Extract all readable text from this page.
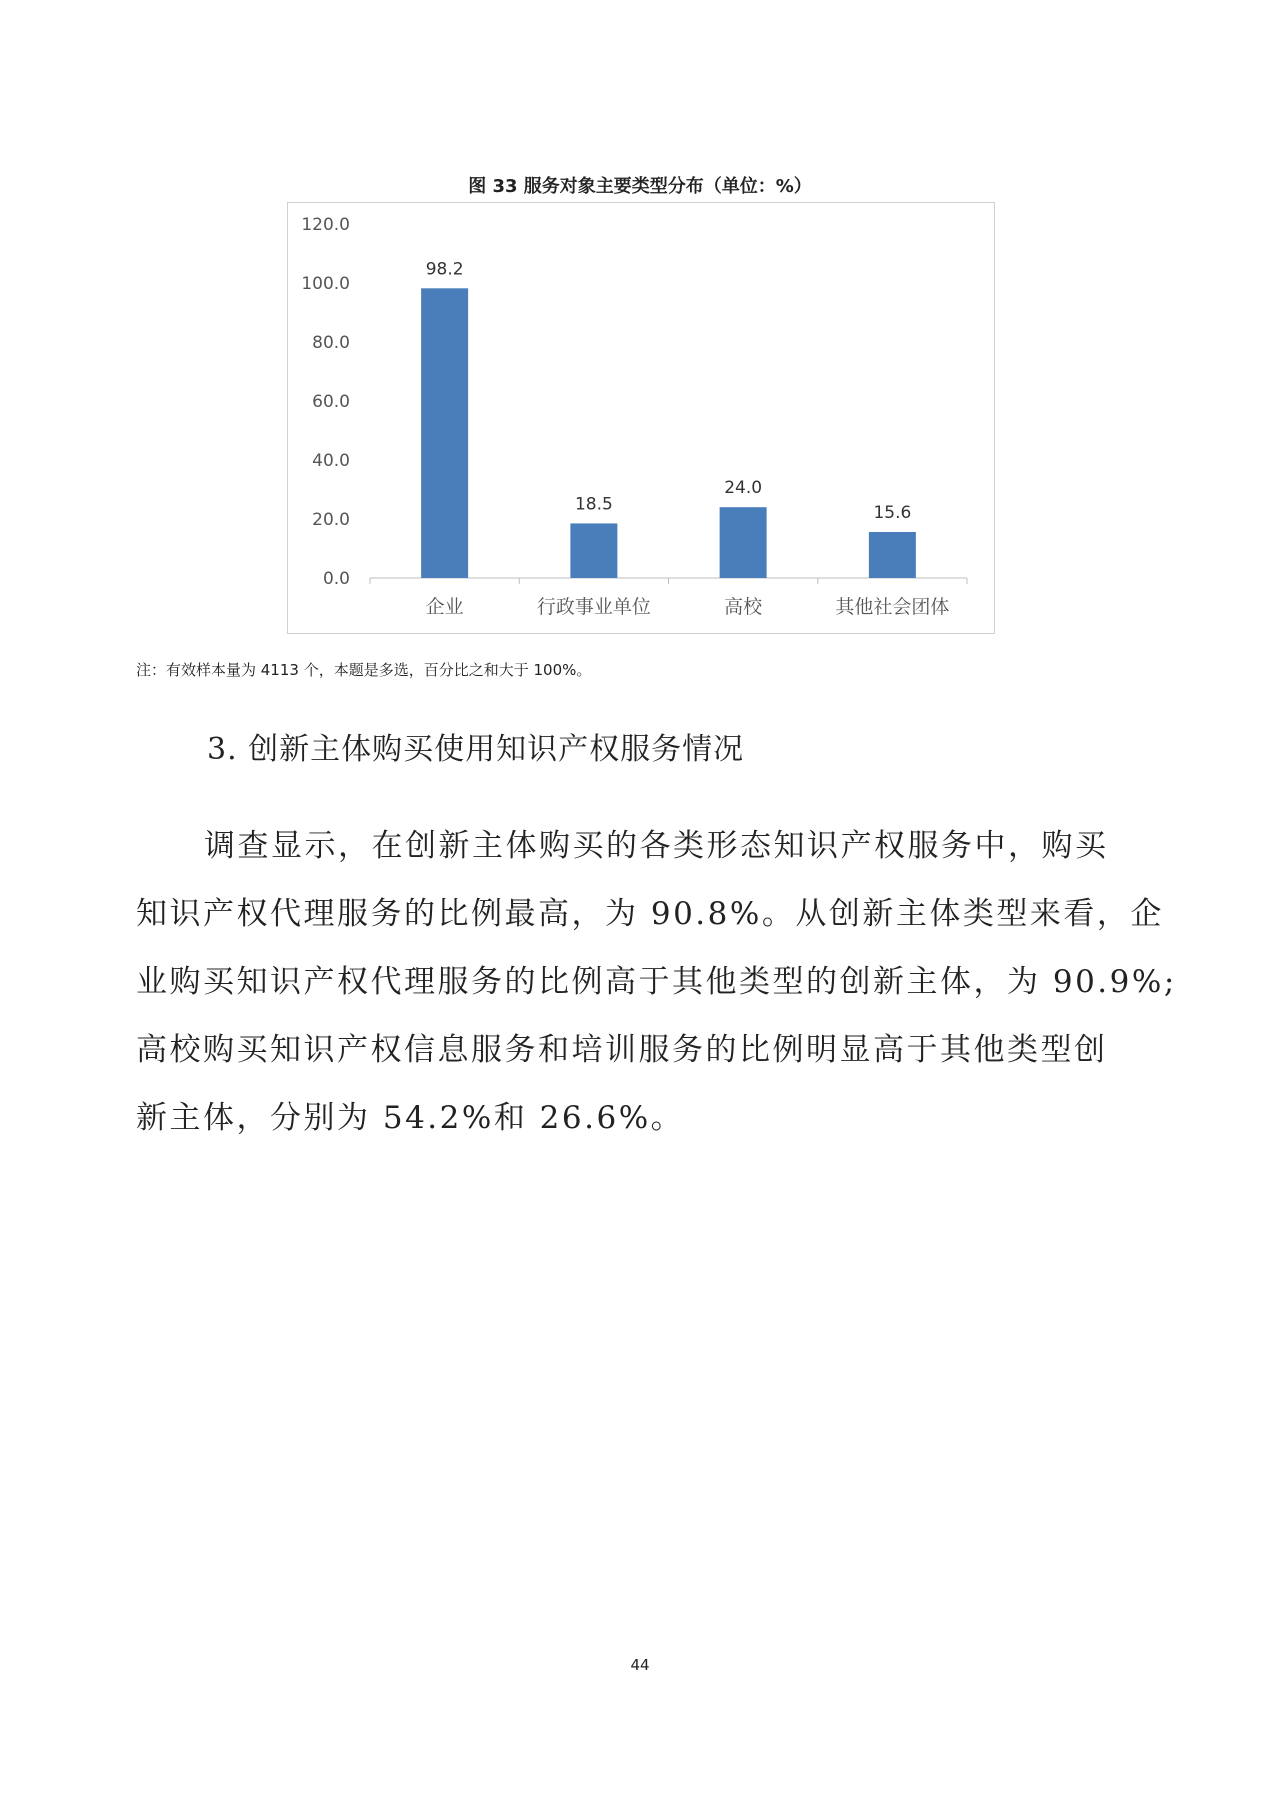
图 33 服务对象主要类型分布（单位：%）
0.0
20.0
40.0
60.0
80.0
100.0
120.0
98.2
企业
18.5
行政事业单位
24.0
高校
15.6
其他社会团体
注：有效样本量为 4113 个，本题是多选，百分比之和大于 100%。
3. 创新主体购买使用知识产权服务情况
调查显示，在创新主体购买的各类形态知识产权服务中，购买
知识产权代理服务的比例最高，为 90.8%。从创新主体类型来看，企
业购买知识产权代理服务的比例高于其他类型的创新主体，为 90.9%;
高校购买知识产权信息服务和培训服务的比例明显高于其他类型创
新主体，分别为 54.2%和 26.6%。
44
